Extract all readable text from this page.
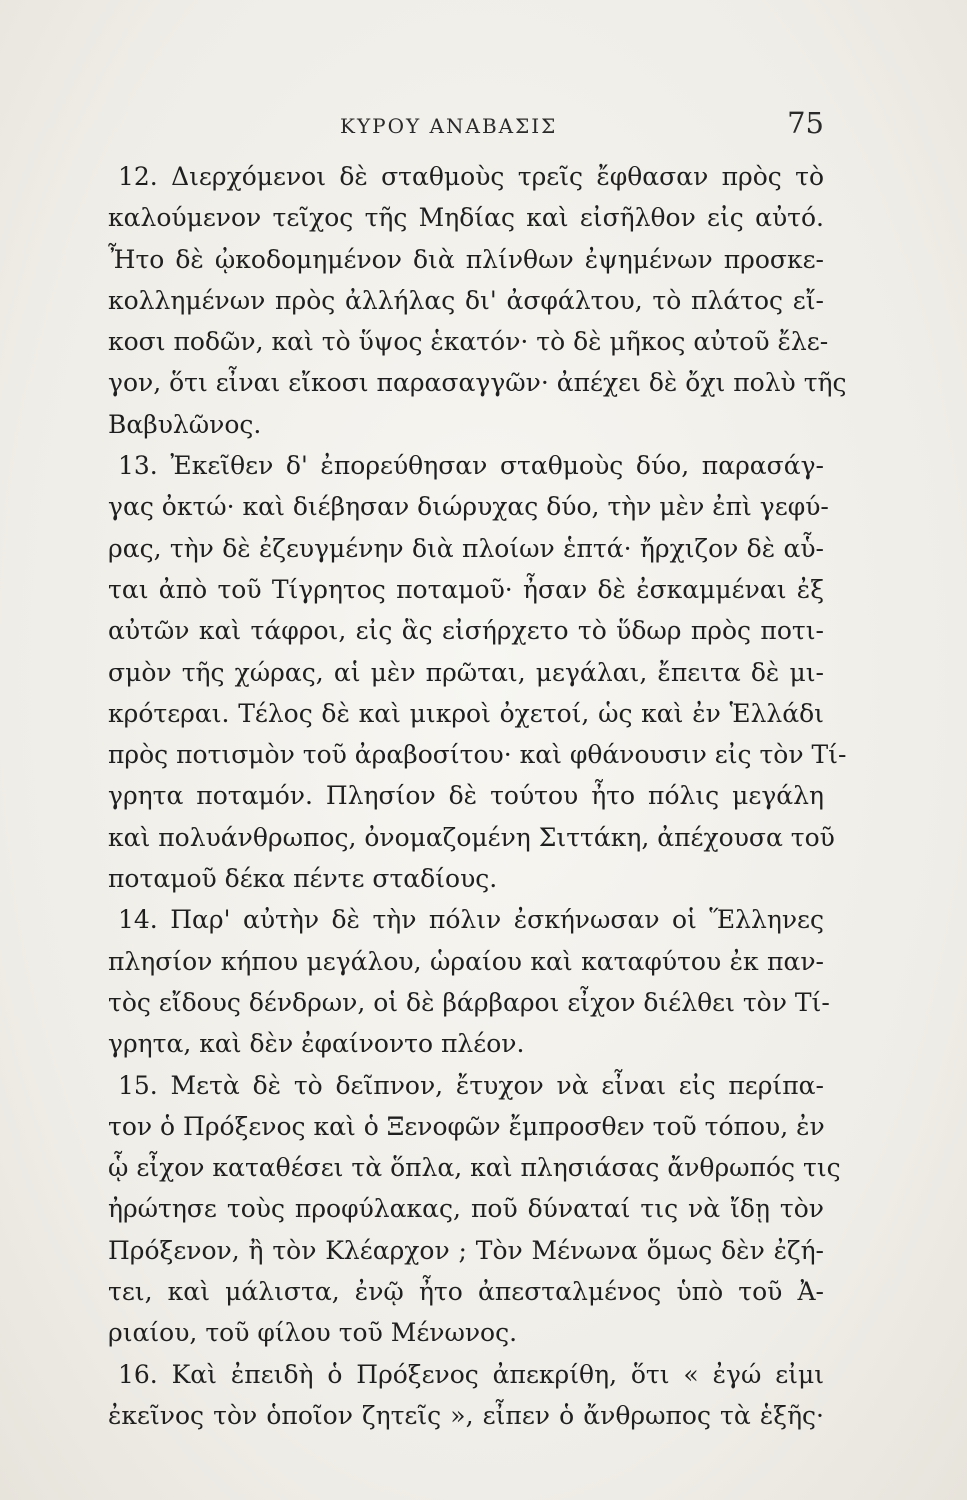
ΚΥΡΟΥ ΑΝΑΒΑΣΙΣ	75
12. Διερχόμενοι δὲ σταθμοὺς τρεῖς ἔφθασαν πρὸς τὸ
καλούμενον τεῖχος τῆς Μηδίας καὶ εἰσῆλθον εἰς αὐτό.
Ἦτο δὲ ᾠκοδομημένον διὰ πλίνθων ἐψημένων προσκε-
κολλημένων πρὸς ἀλλήλας δι' ἀσφάλτου, τὸ πλάτος εἴ-
κοσι ποδῶν, καὶ τὸ ὕψος ἑκατόν· τὸ δὲ μῆκος αὐτοῦ ἔλε-
γον, ὅτι εἶναι εἴκοσι παρασαγγῶν· ἀπέχει δὲ ὄχι πολὺ τῆς
Βαβυλῶνος.
13. Ἐκεῖθεν δ' ἐπορεύθησαν σταθμοὺς δύο, παρασάγ-
γας ὀκτώ· καὶ διέβησαν διώρυχας δύο, τὴν μὲν ἐπὶ γεφύ-
ρας, τὴν δὲ ἐζευγμένην διὰ πλοίων ἑπτά· ἤρχιζον δὲ αὗ-
ται ἀπὸ τοῦ Τίγρητος ποταμοῦ· ἦσαν δὲ ἐσκαμμέναι ἐξ
αὐτῶν καὶ τάφροι, εἰς ἃς εἰσήρχετο τὸ ὕδωρ πρὸς ποτι-
σμὸν τῆς χώρας, αἱ μὲν πρῶται, μεγάλαι, ἔπειτα δὲ μι-
κρότεραι. Τέλος δὲ καὶ μικροὶ ὀχετοί, ὡς καὶ ἐν Ἑλλάδι
πρὸς ποτισμὸν τοῦ ἀραβοσίτου· καὶ φθάνουσιν εἰς τὸν Τί-
γρητα ποταμόν. Πλησίον δὲ τούτου ἦτο πόλις μεγάλη
καὶ πολυάνθρωπος, ὀνομαζομένη Σιττάκη, ἀπέχουσα τοῦ
ποταμοῦ δέκα πέντε σταδίους.
14. Παρ' αὐτὴν δὲ τὴν πόλιν ἐσκήνωσαν οἱ Ἕλληνες
πλησίον κήπου μεγάλου, ὡραίου καὶ καταφύτου ἐκ παν-
τὸς εἴδους δένδρων, οἱ δὲ βάρβαροι εἶχον διέλθει τὸν Τί-
γρητα, καὶ δὲν ἐφαίνοντο πλέον.
15. Μετὰ δὲ τὸ δεῖπνον, ἔτυχον νὰ εἶναι εἰς περίπα-
τον ὁ Πρόξενος καὶ ὁ Ξενοφῶν ἔμπροσθεν τοῦ τόπου, ἐν
ᾧ εἶχον καταθέσει τὰ ὅπλα, καὶ πλησιάσας ἄνθρωπός τις
ἠρώτησε τοὺς προφύλακας, ποῦ δύναταί τις νὰ ἴδῃ τὸν
Πρόξενον, ἢ τὸν Κλέαρχον ; Τὸν Μένωνα ὅμως δὲν ἐζή-
τει, καὶ μάλιστα, ἐνῷ ἦτο ἀπεσταλμένος ὑπὸ τοῦ Ἀ-
ριαίου, τοῦ φίλου τοῦ Μένωνος.
16. Καὶ ἐπειδὴ ὁ Πρόξενος ἀπεκρίθη, ὅτι « ἐγώ εἰμι
ἐκεῖνος τὸν ὁποῖον ζητεῖς », εἶπεν ὁ ἄνθρωπος τὰ ἑξῆς·
